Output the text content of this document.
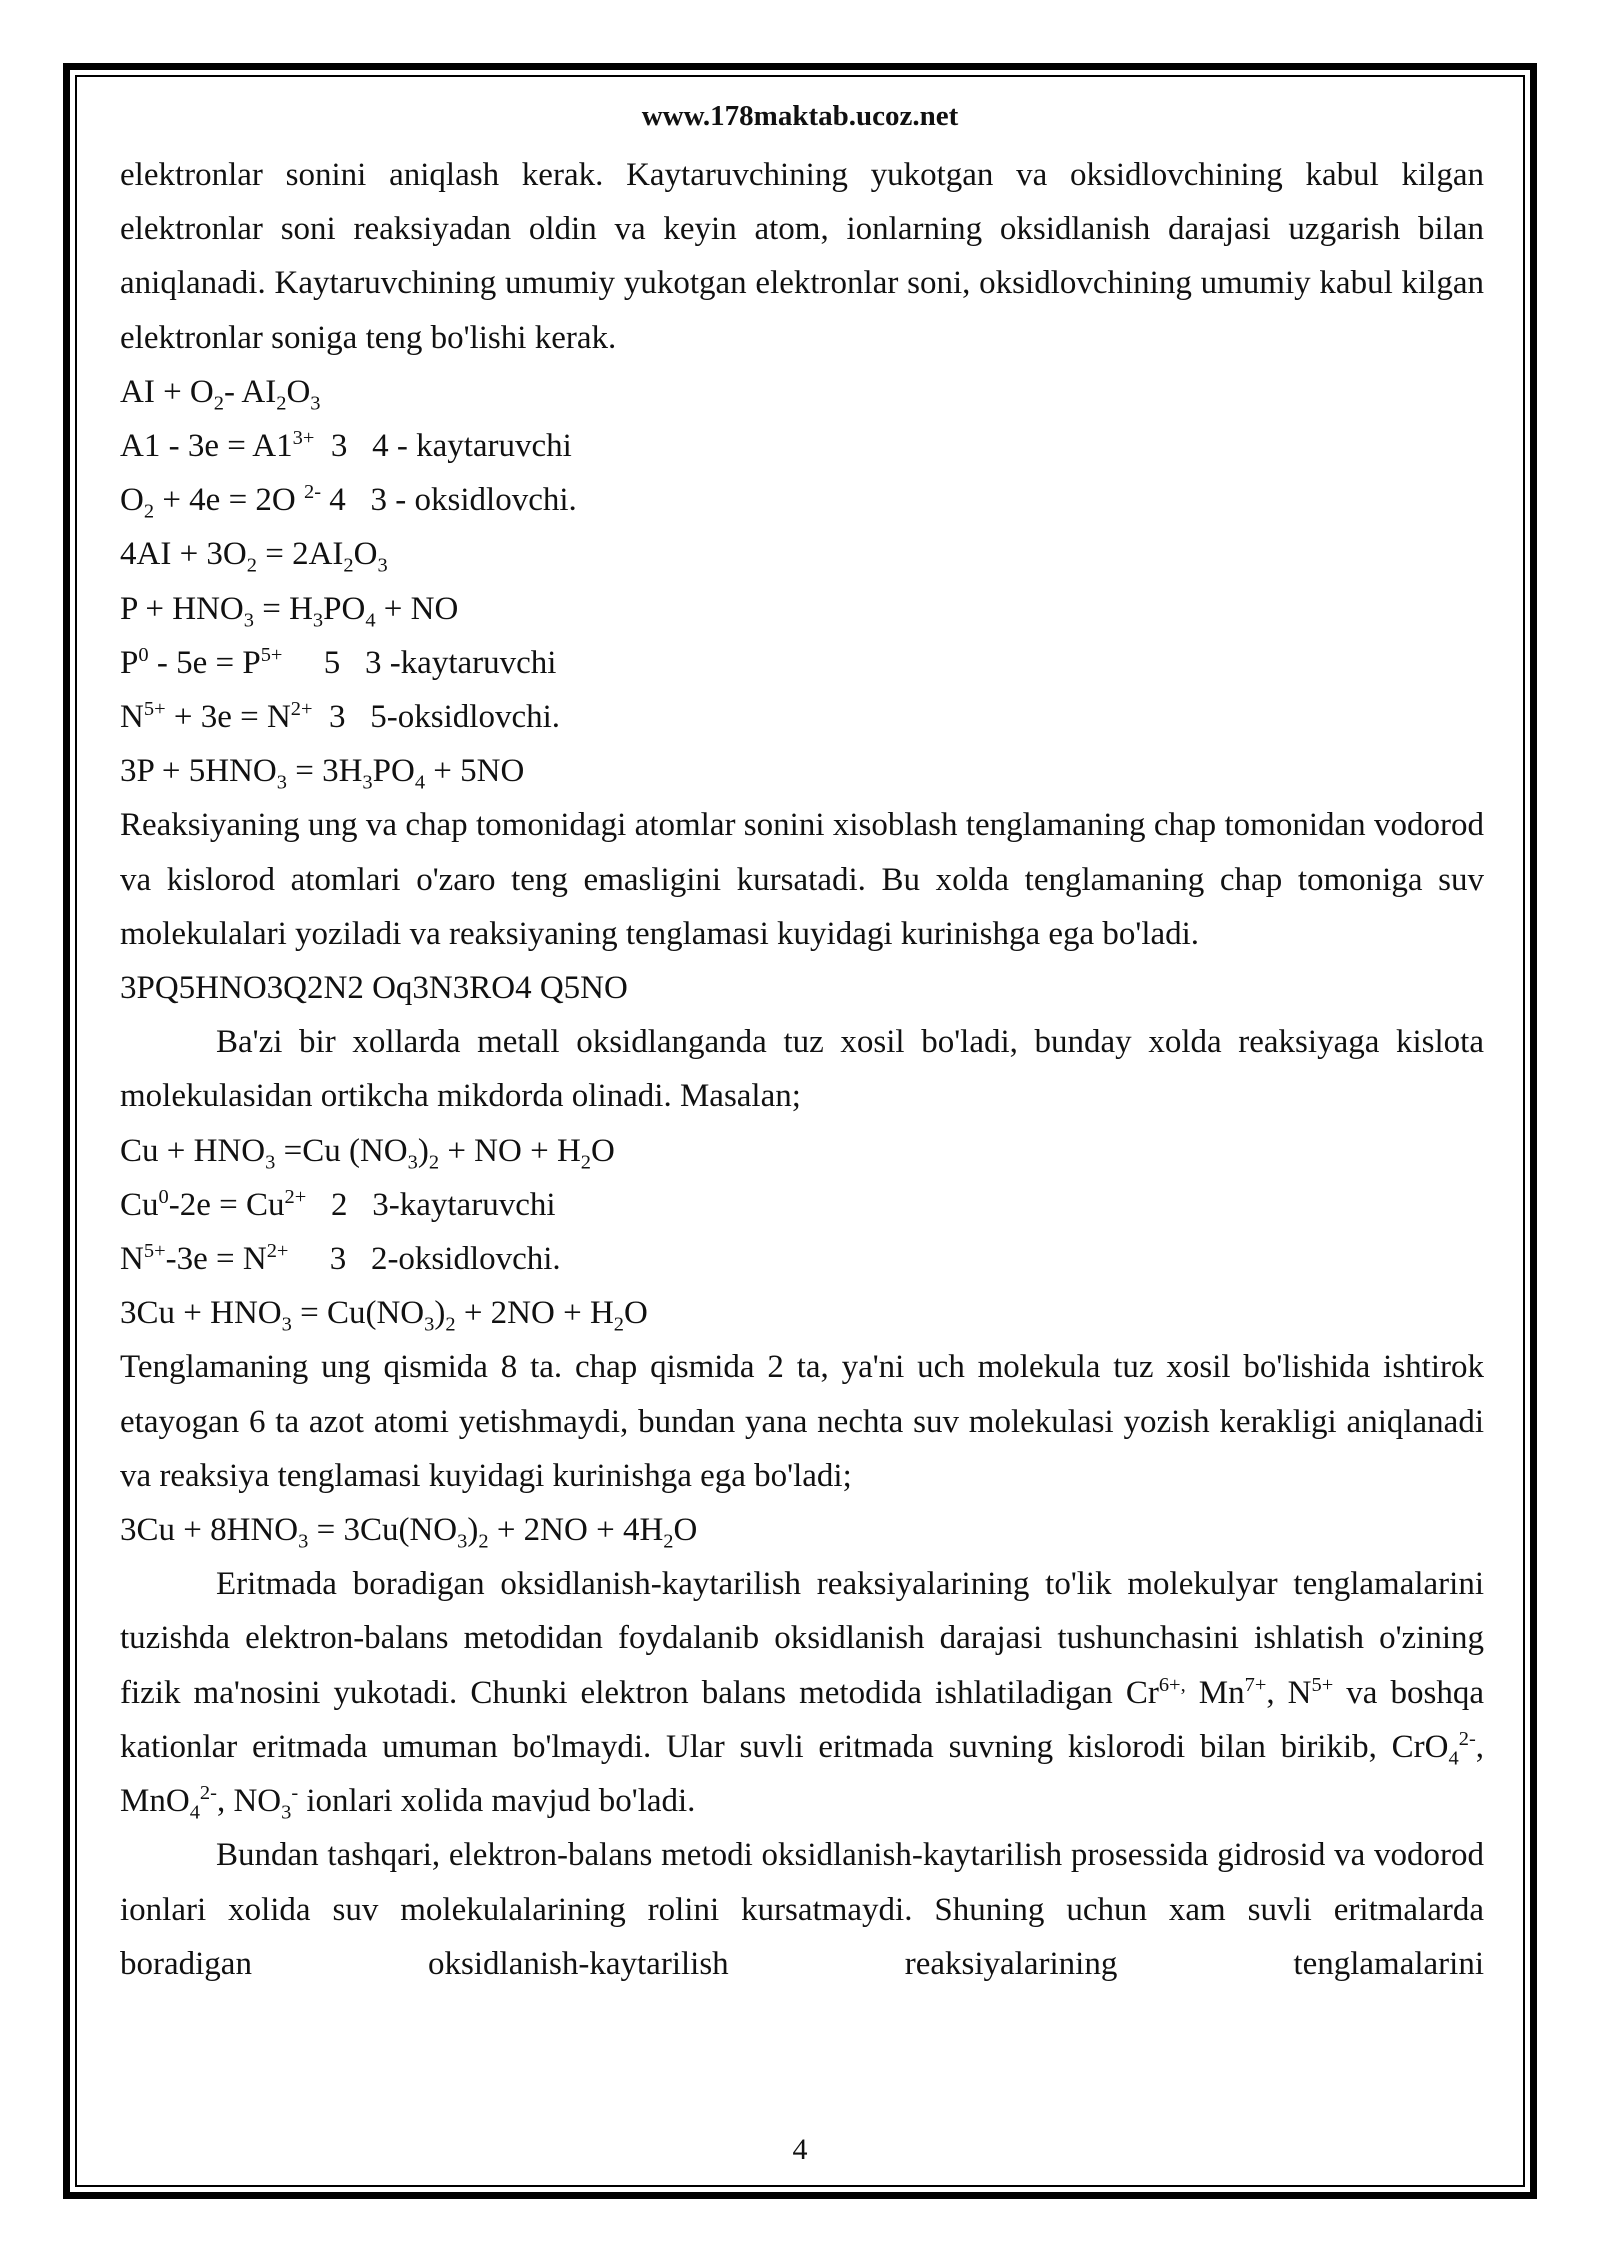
www.178maktab.ucoz.net

elektronlar sonini aniqlash kerak. Kaytaruvchining yukotgan va oksidlovchining kabul kilgan elektronlar soni reaksiyadan oldin va keyin atom, ionlarning oksidlanish darajasi uzgarish bilan aniqlanadi. Kaytaruvchining umumiy yukotgan elektronlar soni, oksidlovchining umumiy kabul kilgan elektronlar soniga teng bo'lishi kerak.

AI + $O_2-$ $AI_2O_3$

$A1 - 3e = A1^{3+}$  3   4 - kaytaruvchi

$O_2 + 4e = 2O$ $^{2-}$ 4   3 - oksidlovchi.

$4AI + 3O_2 = 2AI_2O_3$

$P + HNO_3 = H_3PO_4$ + NO

$P^0 - 5e = P^{5+}$     5   3 -kaytaruvchi

$N^{5+} + 3e = N^{2+}$  3   5-oksidlovchi.

$3P + 5HNO_3 = 3H_3PO_4 + 5NO$

Reaksiyaning ung va chap tomonidagi atomlar sonini xisoblash tenglamaning chap tomonidan vodorod va kislorod atomlari o'zaro teng emasligini kursatadi. Bu xolda tenglamaning chap tomoniga suv molekulalari yoziladi va reaksiyaning tenglamasi kuyidagi kurinishga ega bo'ladi.

3PQ5HNO3Q2N2 Oq3N3RO4 Q5NO

Ba'zi bir xollarda metall oksidlanganda tuz xosil bo'ladi, bunday xolda reaksiyaga kislota molekulasidan ortikcha mikdorda olinadi. Masalan;

$Cu + HNO_3 =Cu$ $(NO_3)_2$ + NO + $H_2O$

$Cu^0-2e = Cu^{2+}$   2   3-kaytaruvchi

$N^{5+}-3e = N^{2+}$     3   2-oksidlovchi.

$3Cu + HNO_3 = Cu(NO_3)_2 + 2NO + H_2O$

Tenglamaning ung qismida 8 ta. chap qismida 2 ta, ya'ni uch molekula tuz xosil bo'lishida ishtirok etayogan 6 ta azot atomi yetishmaydi, bundan yana nechta suv molekulasi yozish kerakligi aniqlanadi va reaksiya tenglamasi kuyidagi kurinishga ega bo'ladi;

$3Cu + 8HNO_3 = 3Cu(NO_3)_2 + 2NO + 4H_2O$

Eritmada boradigan oksidlanish-kaytarilish reaksiyalarining to'lik molekulyar tenglamalarini tuzishda elektron-balans metodidan foydalanib oksidlanish darajasi tushunchasini ishlatish o'zining fizik ma'nosini yukotadi. Chunki elektron balans metodida ishlatiladigan $Cr^{6+,}$ $Mn^{7+}$, $N^{5+}$ va boshqa kationlar eritmada umuman bo'lmaydi. Ular suvli eritmada suvning kislorodi bilan birikib, CrO$_4^{2-}$, MnO$_4^{2-}$, $NO_3^-$ ionlari xolida mavjud bo'ladi.

Bundan tashqari, elektron-balans metodi oksidlanish-kaytarilish prosessida gidrosid va vodorod ionlari xolida suv molekulalarining rolini kursatmaydi. Shuning uchun xam suvli eritmalarda boradigan oksidlanish-kaytarilish reaksiyalarining tenglamalarini

4
